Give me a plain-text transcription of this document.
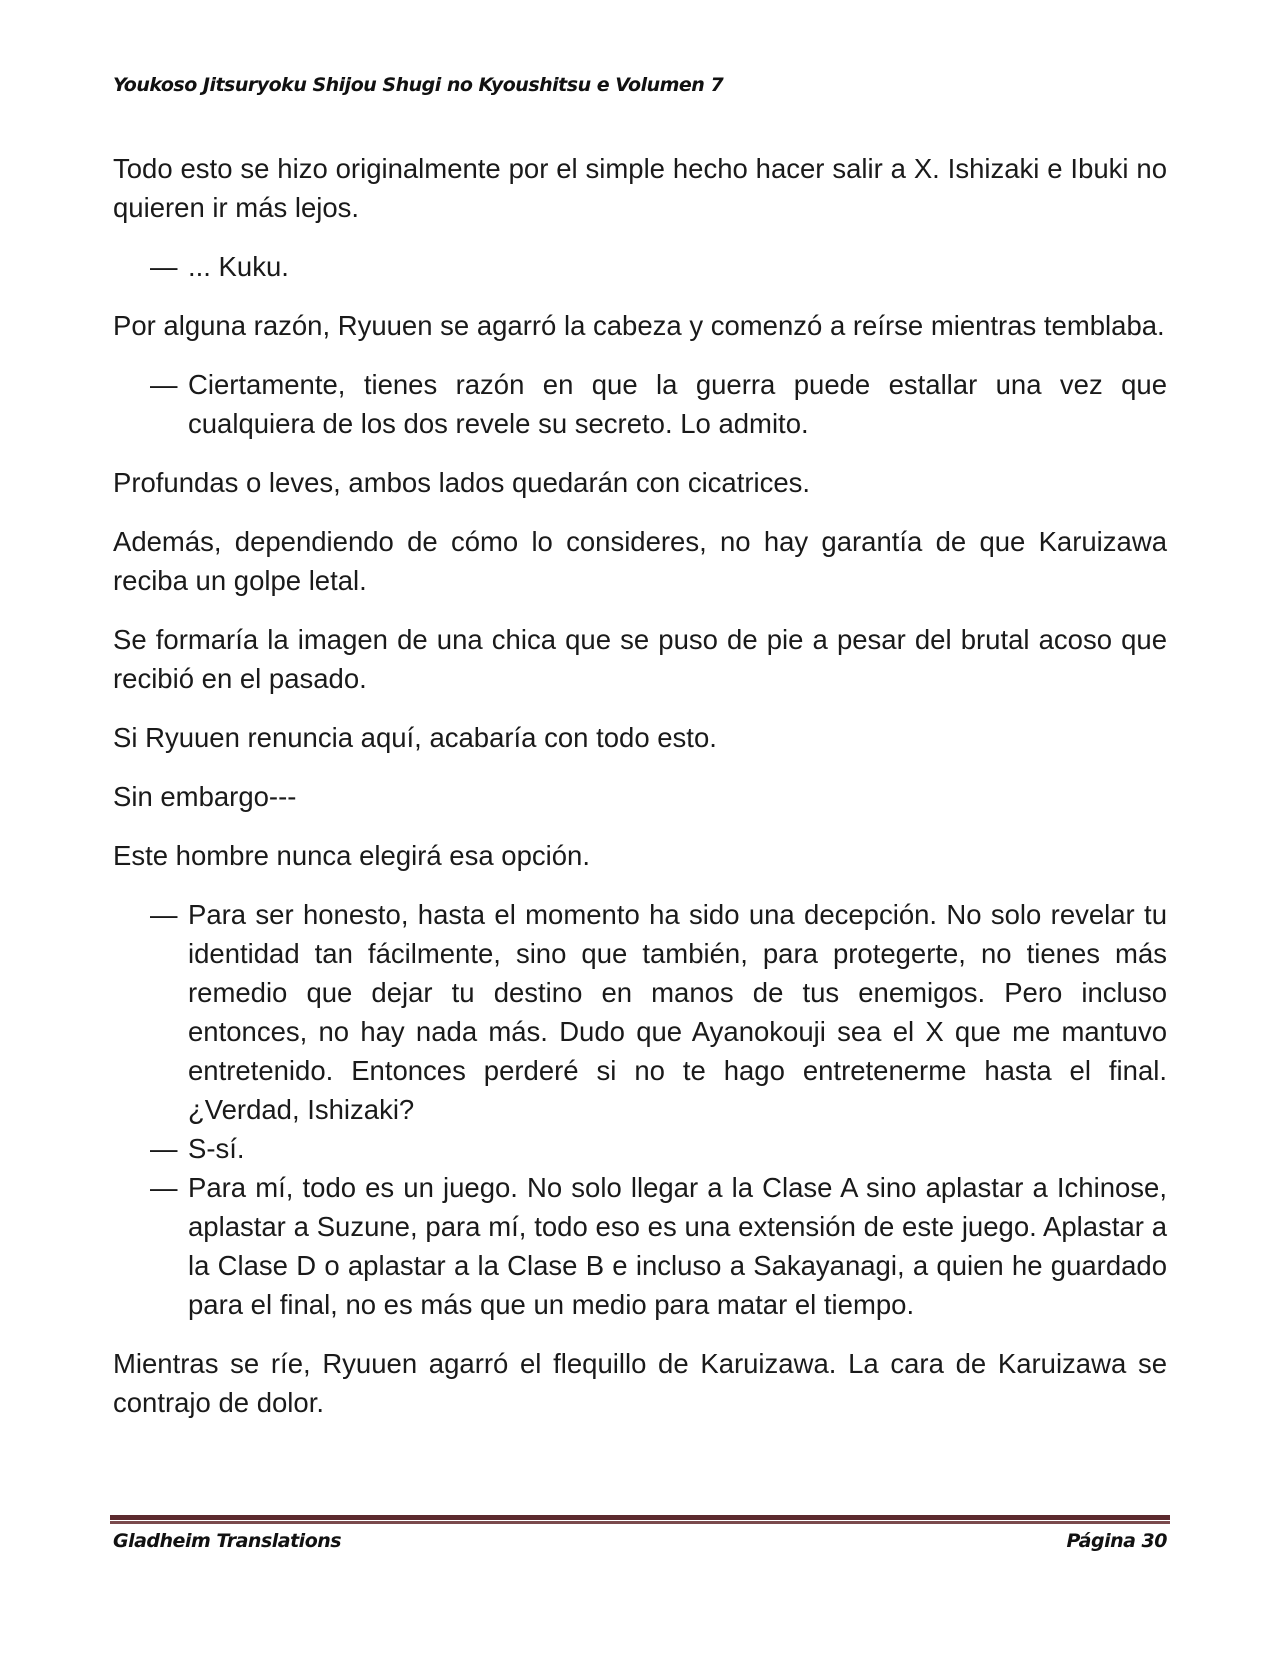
Youkoso Jitsuryoku Shijou Shugi no Kyoushitsu e Volumen 7

Todo esto se hizo originalmente por el simple hecho hacer salir a X. Ishizaki e Ibuki no quieren ir más lejos.

— ... Kuku.

Por alguna razón, Ryuuen se agarró la cabeza y comenzó a reírse mientras temblaba.

— Ciertamente, tienes razón en que la guerra puede estallar una vez que cualquiera de los dos revele su secreto. Lo admito.

Profundas o leves, ambos lados quedarán con cicatrices.

Además, dependiendo de cómo lo consideres, no hay garantía de que Karuizawa reciba un golpe letal.

Se formaría la imagen de una chica que se puso de pie a pesar del brutal acoso que recibió en el pasado.

Si Ryuuen renuncia aquí, acabaría con todo esto.

Sin embargo---

Este hombre nunca elegirá esa opción.

— Para ser honesto, hasta el momento ha sido una decepción. No solo revelar tu identidad tan fácilmente, sino que también, para protegerte, no tienes más remedio que dejar tu destino en manos de tus enemigos. Pero incluso entonces, no hay nada más. Dudo que Ayanokouji sea el X que me mantuvo entretenido. Entonces perderé si no te hago entretenerme hasta el final. ¿Verdad, Ishizaki?
— S-sí.
— Para mí, todo es un juego. No solo llegar a la Clase A sino aplastar a Ichinose, aplastar a Suzune, para mí, todo eso es una extensión de este juego. Aplastar a la Clase D o aplastar a la Clase B e incluso a Sakayanagi, a quien he guardado para el final, no es más que un medio para matar el tiempo.

Mientras se ríe, Ryuuen agarró el flequillo de Karuizawa. La cara de Karuizawa se contrajo de dolor.

Gladheim Translations	Página 30
